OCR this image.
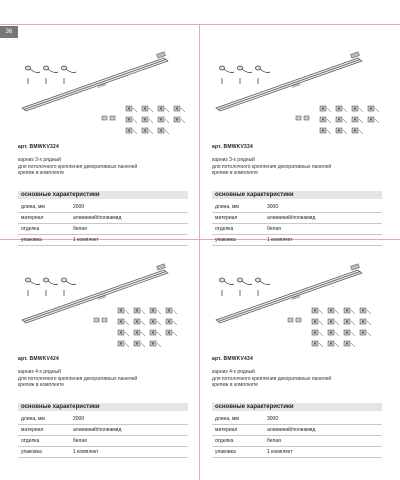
36
2000
арт. BMWKV324
карниз 3-х рядный
для потолочного крепления декоративных панелей
крепеж в комплекте
основные характеристики
длина, мм	2000
материал	алюминий/полиамид
отделка	белая
упаковка	1 комплект
3000
арт. BMWKV334
карниз 3-х рядный
для потолочного крепления декоративных панелей
крепеж в комплекте
основные характеристики
длина, мм	3000
материал	алюминий/полиамид
отделка	белая
упаковка	1 комплект
2000
арт. BMWKV424
карниз 4-х рядный
для потолочного крепления декоративных панелей
крепеж в комплекте
основные характеристики
длина, мм	2000
материал	алюминий/полиамид
отделка	белая
упаковка	1 комплект
3000
арт. BMWKV434
карниз 4-х рядный
для потолочного крепления декоративных панелей
крепеж в комплекте
основные характеристики
длина, мм	3000
материал	алюминий/полиамид
отделка	белая
упаковка	1 комплект
